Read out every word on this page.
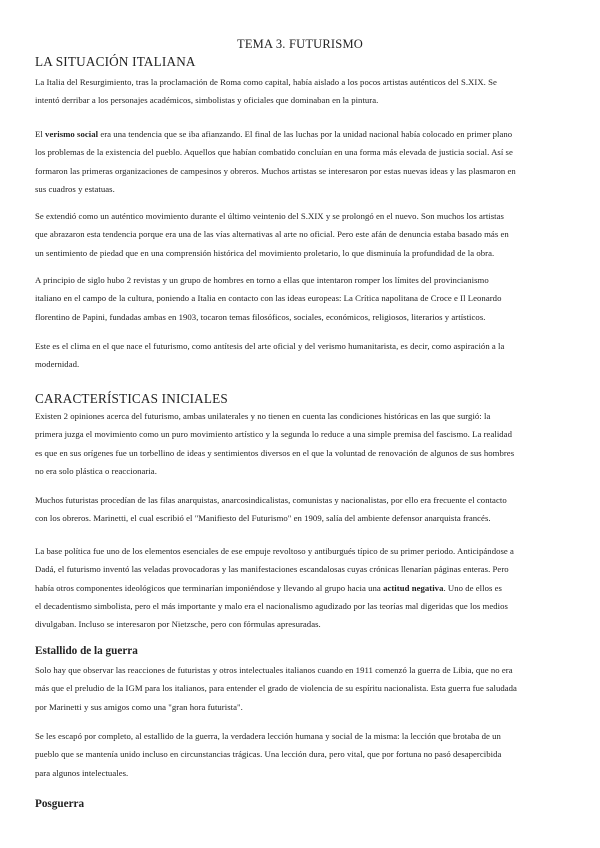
TEMA 3. FUTURISMO
LA SITUACIÓN ITALIANA
La Italia del Resurgimiento, tras la proclamación de Roma como capital, había aislado a los pocos artistas auténticos del S.XIX. Se
intentó derribar a los personajes académicos, simbolistas y oficiales que dominaban en la pintura.
El verismo social era una tendencia que se iba afianzando. El final de las luchas por la unidad nacional había colocado en primer plano
los problemas de la existencia del pueblo. Aquellos que habían combatido concluían en una forma más elevada de justicia social. Así se
formaron las primeras organizaciones de campesinos y obreros. Muchos artistas se interesaron por estas nuevas ideas y las plasmaron en
sus cuadros y estatuas.
Se extendió como un auténtico movimiento durante el último veintenio del S.XIX y se prolongó en el nuevo. Son muchos los artistas
que abrazaron esta tendencia porque era una de las vías alternativas al arte no oficial. Pero este afán de denuncia estaba basado más en
un sentimiento de piedad que en una comprensión histórica del movimiento proletario, lo que disminuía la profundidad de la obra.
A principio de siglo hubo 2 revistas y un grupo de hombres en torno a ellas que intentaron romper los límites del provincianismo
italiano en el campo de la cultura, poniendo a Italia en contacto con las ideas europeas: La Crítica napolitana de Croce e Il Leonardo
florentino de Papini, fundadas ambas en 1903, tocaron temas filosóficos, sociales, económicos, religiosos, literarios y artísticos.
Este es el clima en el que nace el futurismo, como antítesis del arte oficial y del verismo humanitarista, es decir, como aspiración a la
modernidad.
CARACTERÍSTICAS INICIALES
Existen 2 opiniones acerca del futurismo, ambas unilaterales y no tienen en cuenta las condiciones históricas en las que surgió: la
primera juzga el movimiento como un puro movimiento artístico y la segunda lo reduce a una simple premisa del fascismo. La realidad
es que en sus orígenes fue un torbellino de ideas y sentimientos diversos en el que la voluntad de renovación de algunos de sus hombres
no era solo plástica o reaccionaria.
Muchos futuristas procedían de las filas anarquistas, anarcosindicalistas, comunistas y nacionalistas, por ello era frecuente el contacto
con los obreros. Marinetti, el cual escribió el "Manifiesto del Futurismo" en 1909, salía del ambiente defensor anarquista francés.
La base política fue uno de los elementos esenciales de ese empuje revoltoso y antiburgués típico de su primer periodo. Anticipándose a
Dadá, el futurismo inventó las veladas provocadoras y las manifestaciones escandalosas cuyas crónicas llenarían páginas enteras. Pero
había otros componentes ideológicos que terminarían imponiéndose y llevando al grupo hacia una actitud negativa. Uno de ellos es
el decadentismo simbolista, pero el más importante y malo era el nacionalismo agudizado por las teorías mal digeridas que los medios
divulgaban. Incluso se interesaron por Nietzsche, pero con fórmulas apresuradas.
Estallido de la guerra
Solo hay que observar las reacciones de futuristas y otros intelectuales italianos cuando en 1911 comenzó la guerra de Libia, que no era
más que el preludio de la IGM para los italianos, para entender el grado de violencia de su espíritu nacionalista. Esta guerra fue saludada
por Marinetti y sus amigos como una "gran hora futurista".
Se les escapó por completo, al estallido de la guerra, la verdadera lección humana y social de la misma: la lección que brotaba de un
pueblo que se mantenía unido incluso en circunstancias trágicas. Una lección dura, pero vital, que por fortuna no pasó desapercibida
para algunos intelectuales.
Posguerra
